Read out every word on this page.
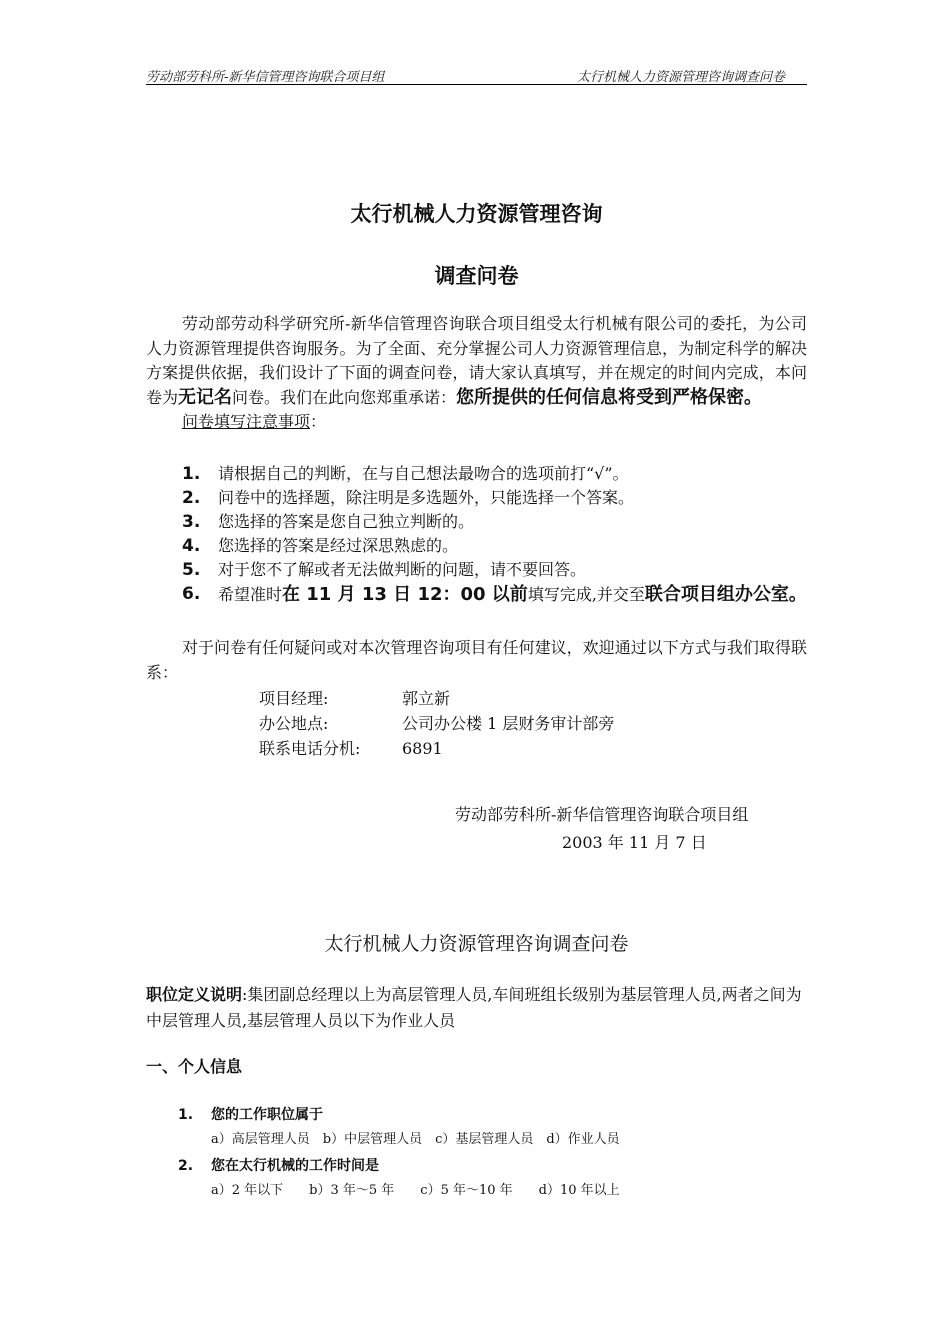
劳动部劳科所-新华信管理咨询联合项目组	太行机械人力资源管理咨询调查问卷
太行机械人力资源管理咨询
调查问卷

劳动部劳动科学研究所-新华信管理咨询联合项目组受太行机械有限公司的委托，为公司人力资源管理提供咨询服务。为了全面、充分掌握公司人力资源管理信息，为制定科学的解决方案提供依据，我们设计了下面的调查问卷，请大家认真填写，并在规定的时间内完成，本问卷为无记名问卷。我们在此向您郑重承诺：您所提供的任何信息将受到严格保密。

问卷填写注意事项：

1.	请根据自己的判断，在与自己想法最吻合的选项前打“√”。
2.	问卷中的选择题，除注明是多选题外，只能选择一个答案。
3.	您选择的答案是您自己独立判断的。
4.	您选择的答案是经过深思熟虑的。
5.	对于您不了解或者无法做判断的问题，请不要回答。
6.	希望准时在 11 月 13 日 12：00 以前填写完成,并交至联合项目组办公室。

对于问卷有任何疑问或对本次管理咨询项目有任何建议，欢迎通过以下方式与我们取得联系：

项目经理:	郭立新
办公地点:	公司办公楼 1 层财务审计部旁
联系电话分机:	6891
劳动部劳科所-新华信管理咨询联合项目组
2003 年 11 月 7 日
太行机械人力资源管理咨询调查问卷
职位定义说明:集团副总经理以上为高层管理人员,车间班组长级别为基层管理人员,两者之间为中层管理人员,基层管理人员以下为作业人员
一、个人信息
1. 您的工作职位属于
a）高层管理人员　b）中层管理人员　c）基层管理人员　d）作业人员
2. 您在太行机械的工作时间是
a）2 年以下　　b）3 年～5 年　　c）5 年～10 年　　d）10 年以上
